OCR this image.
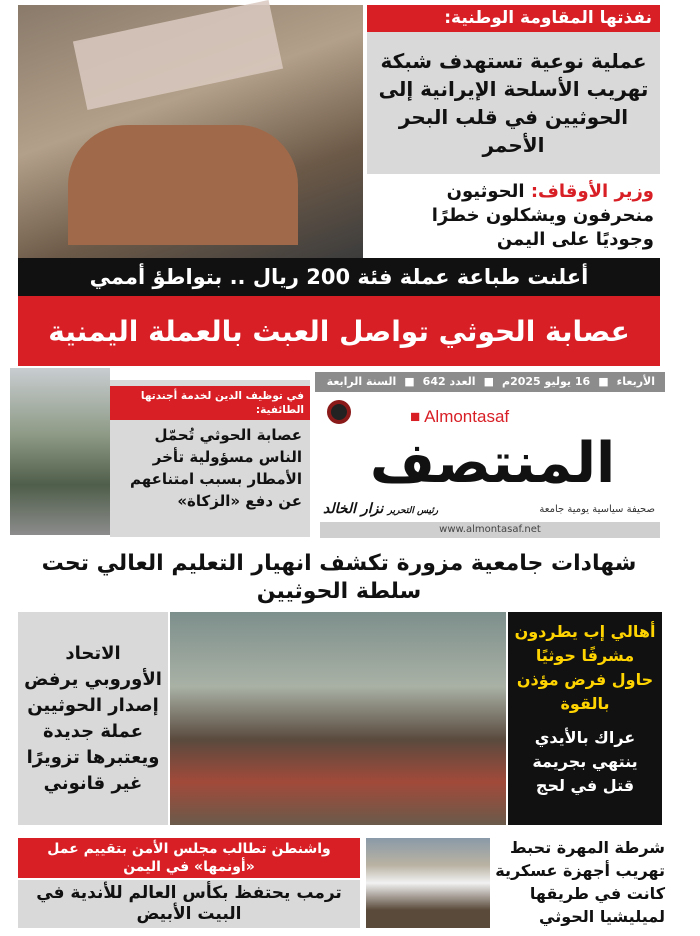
نفذتها المقاومة الوطنية:
عملية نوعية تستهدف شبكة تهريب الأسلحة الإيرانية إلى الحوثيين في قلب البحر الأحمر
وزير الأوقاف: الحوثيون منحرفون ويشكلون خطرًا وجوديًا على اليمن
أعلنت طباعة عملة فئة 200 ريال .. بتواطؤ أممي
عصابة الحوثي تواصل العبث بالعملة اليمنية
في توظيف الدين لخدمة أجندتها الطائفية:
عصابة الحوثي تُحمّل الناس مسؤولية تأخر الأمطار بسبب امتناعهم عن دفع «الزكاة»
الأربعاء
■
16 يوليو 2025م
■
العدد 642
■
السنة الرابعة
■ Almontasaf
المنتصف
صحيفة سياسية يومية جامعة
رئيس التحرير نزار الخالد
www.almontasaf.net
شهادات جامعية مزورة تكشف انهيار التعليم العالي تحت سلطة الحوثيين
الاتحاد الأوروبي يرفض إصدار الحوثيين عملة جديدة ويعتبرها تزويرًا غير قانوني
أهالي إب يطردون مشرفًا حوثيًا حاول فرض مؤذن بالقوة
عراك بالأيدي ينتهي بجريمة قتل في لحج
واشنطن تطالب مجلس الأمن بتقييم عمل «أونمها» في اليمن
ترمب يحتفظ بكأس العالم للأندية في البيت الأبيض
شرطة المهرة تحبط تهريب أجهزة عسكرية كانت في طريقها لميليشيا الحوثي
